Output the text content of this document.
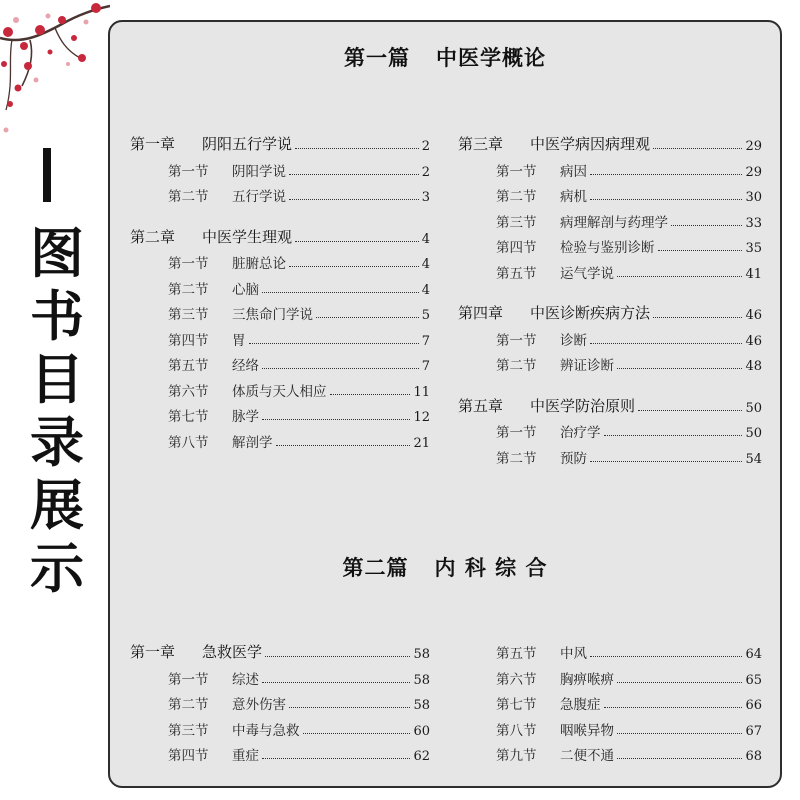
图
书
目
录
展
示
第一篇 中医学概论
第一章 阴阳五行学说	2
第一节 阴阳学说	2
第二节 五行学说	3
第二章 中医学生理观	4
第一节 脏腑总论	4
第二节 心脑	4
第三节 三焦命门学说	5
第四节 胃	7
第五节 经络	7
第六节 体质与天人相应	11
第七节 脉学	12
第八节 解剖学	21
第三章 中医学病因病理观	29
第一节 病因	29
第二节 病机	30
第三节 病理解剖与药理学	33
第四节 检验与鉴别诊断	35
第五节 运气学说	41
第四章 中医诊断疾病方法	46
第一节 诊断	46
第二节 辨证诊断	48
第五章 中医学防治原则	50
第一节 治疗学	50
第二节 预防	54
第二篇 内 科 综 合
第一章 急救医学	58
第一节 综述	58
第二节 意外伤害	58
第三节 中毒与急救	60
第四节 重症	62
第五节 中风	64
第六节 胸痹喉痹	65
第七节 急腹症	66
第八节 咽喉异物	67
第九节 二便不通	68
